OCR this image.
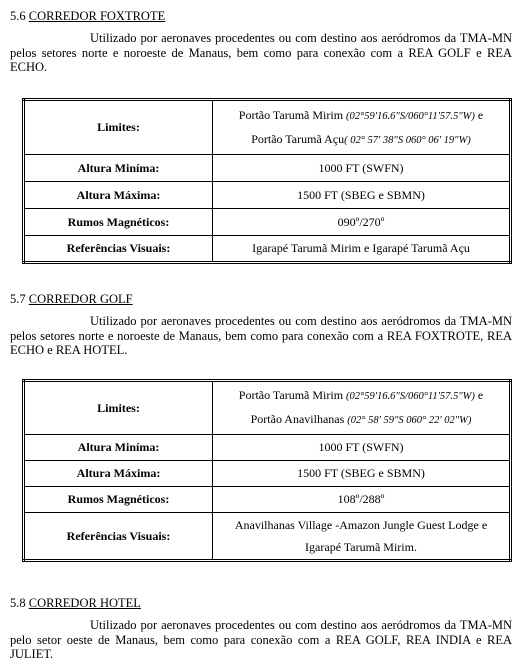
5.6 CORREDOR FOXTROTE
Utilizado por aeronaves procedentes ou com destino aos aeródromos da TMA-MN pelos setores norte e noroeste de Manaus, bem como para conexão com a REA GOLF e REA ECHO.
Limites:	Portão Tarumã Mirim (02°59'16.6"S/060°11'57.5"W) e
Portão Tarumã Açu( 02° 57' 38"S 060° 06' 19"W)

Altura Miníma:	1000 FT (SWFN)
Altura Máxima:	1500 FT (SBEG e SBMN)
Rumos Magnéticos:	090º/270º
Referências Visuais:	Igarapé Tarumã Mirim e Igarapé Tarumã Açu
5.7 CORREDOR GOLF
Utilizado por aeronaves procedentes ou com destino aos aeródromos da TMA-MN pelos setores norte e noroeste de Manaus, bem como para conexão com a REA FOXTROTE, REA ECHO e REA HOTEL.
Limites:	Portão Tarumã Mirim (02°59'16.6"S/060°11'57.5"W) e
Portão Anavilhanas (02° 58' 59"S 060° 22' 02"W)

Altura Miníma:	1000 FT (SWFN)
Altura Máxima:	1500 FT (SBEG e SBMN)
Rumos Magnéticos:	108º/288º
Referências Visuais:	Anavilhanas Village -Amazon Jungle Guest Lodge e
Igarapé Tarumã Mirim.
5.8 CORREDOR HOTEL
Utilizado por aeronaves procedentes ou com destino aos aeródromos da TMA-MN pelo setor oeste de Manaus, bem como para conexão com a REA GOLF, REA INDIA e REA JULIET.
